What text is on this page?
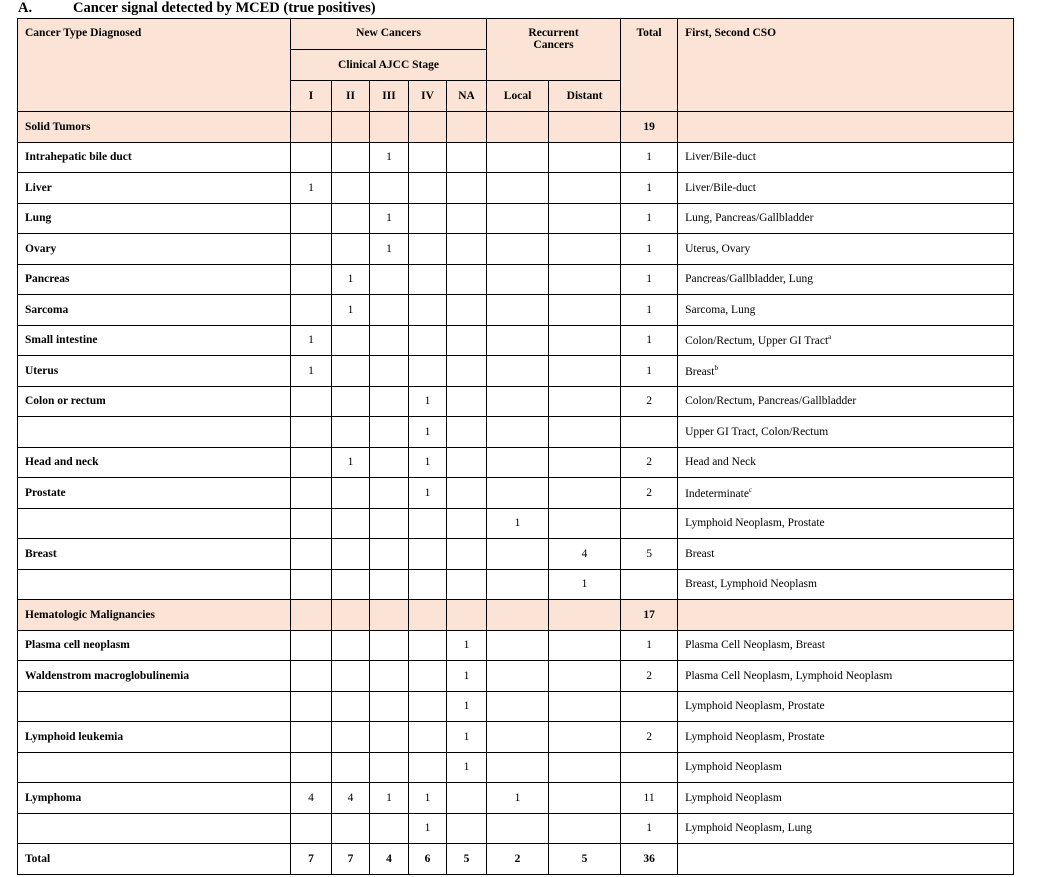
A.	Cancer signal detected by MCED (true positives)
Cancer Type Diagnosed	New Cancers					Recurrent Cancers		Total	First, Second CSO
	Clinical AJCC Stage								
	I	II	III	IV	NA	Local	Distant		
Solid Tumors								19	
Intrahepatic bile duct			1					1	Liver/Bile-duct
Liver	1							1	Liver/Bile-duct
Lung			1					1	Lung, Pancreas/Gallbladder
Ovary			1					1	Uterus, Ovary
Pancreas		1						1	Pancreas/Gallbladder, Lung
Sarcoma		1						1	Sarcoma, Lung
Small intestine	1							1	Colon/Rectum, Upper GI Tract$^a$
Uterus	1							1	Breast$^b$
Colon or rectum				1				2	Colon/Rectum, Pancreas/Gallbladder
				1					Upper GI Tract, Colon/Rectum
Head and neck		1		1				2	Head and Neck
Prostate				1				2	Indeterminate$^c$
						1			Lymphoid Neoplasm, Prostate
Breast							4	5	Breast
							1		Breast, Lymphoid Neoplasm
Hematologic Malignancies								17	
Plasma cell neoplasm					1			1	Plasma Cell Neoplasm, Breast
Waldenstrom macroglobulinemia					1			2	Plasma Cell Neoplasm, Lymphoid Neoplasm
					1				Lymphoid Neoplasm, Prostate
Lymphoid leukemia					1			2	Lymphoid Neoplasm, Prostate
					1				Lymphoid Neoplasm
Lymphoma	4	4	1	1		1		11	Lymphoid Neoplasm
				1				1	Lymphoid Neoplasm, Lung
Total	7	7	4	6	5	2	5	36	
